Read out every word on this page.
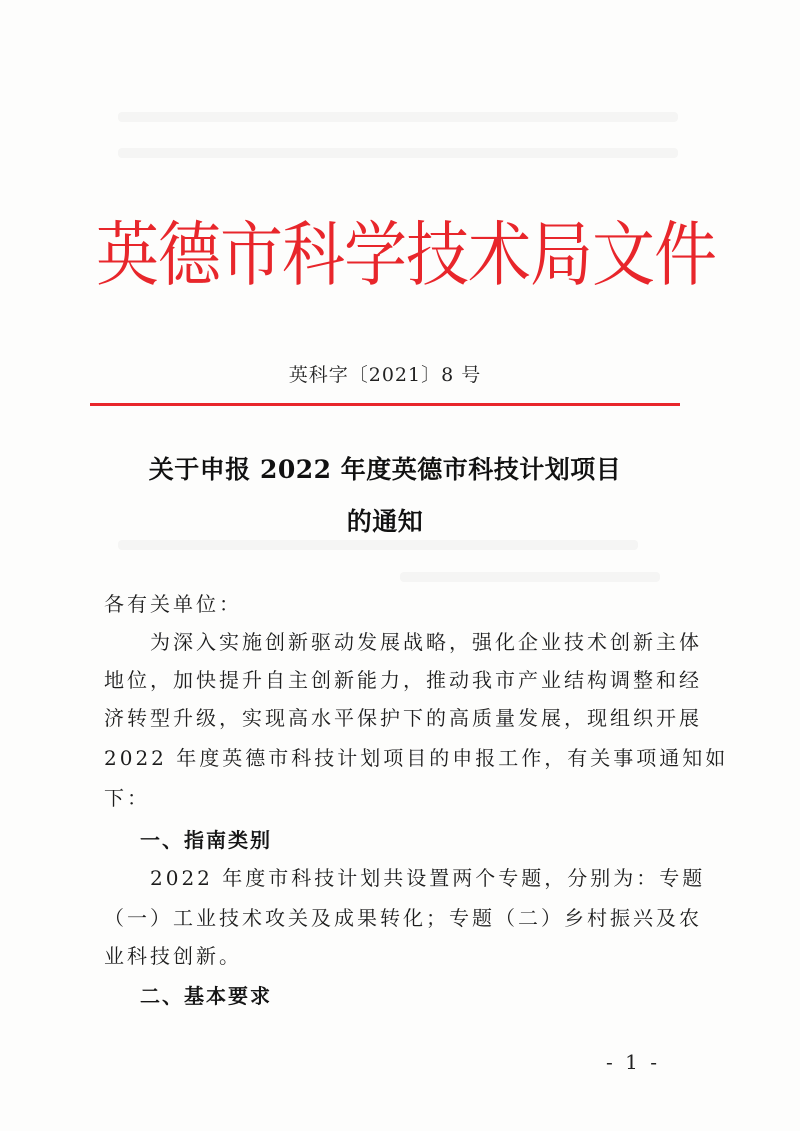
英德市科学技术局文件
英科字〔2021〕8 号
关于申报 2022 年度英德市科技计划项目
的通知
各有关单位：
　　为深入实施创新驱动发展战略，强化企业技术创新主体
地位，加快提升自主创新能力，推动我市产业结构调整和经
济转型升级，实现高水平保护下的高质量发展，现组织开展
2022 年度英德市科技计划项目的申报工作，有关事项通知如
下：
一、指南类别
　　2022 年度市科技计划共设置两个专题，分别为：专题
（一）工业技术攻关及成果转化；专题（二）乡村振兴及农
业科技创新。
二、基本要求
- 1 -
